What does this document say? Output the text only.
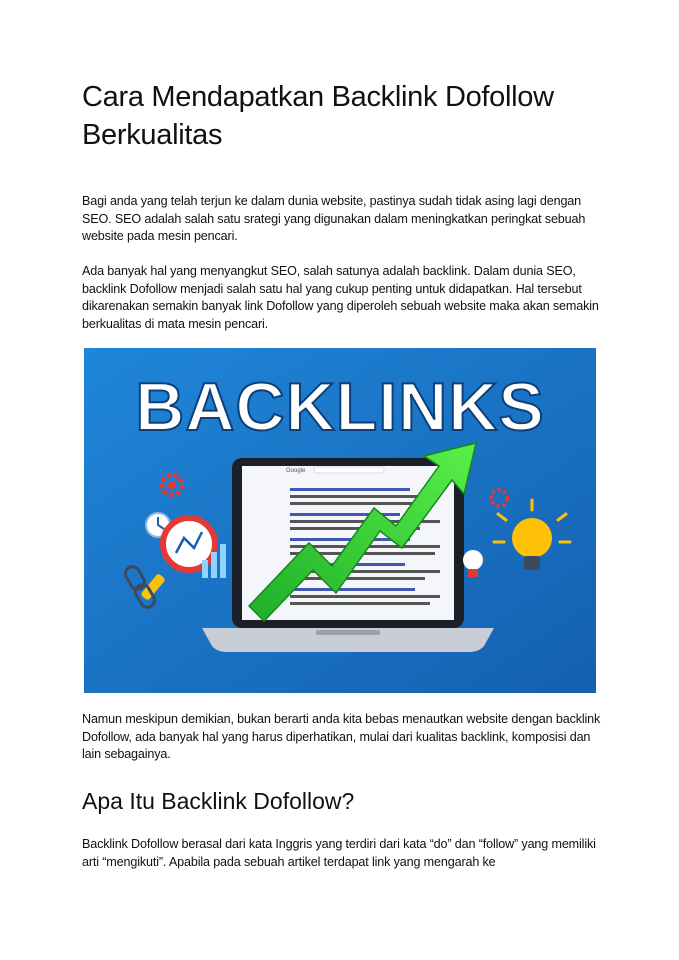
Cara Mendapatkan Backlink Dofollow Berkualitas

Bagi anda yang telah terjun ke dalam dunia website, pastinya sudah tidak asing lagi dengan SEO. SEO adalah salah satu srategi yang digunakan dalam meningkatkan peringkat sebuah website pada mesin pencari.

Ada banyak hal yang menyangkut SEO, salah satunya adalah backlink. Dalam dunia SEO, backlink Dofollow menjadi salah satu hal yang cukup penting untuk didapatkan. Hal tersebut dikarenakan semakin banyak link Dofollow yang diperoleh sebuah website maka akan semakin berkualitas di mata mesin pencari.

Namun meskipun demikian, bukan berarti anda kita bebas menautkan website dengan backlink Dofollow, ada banyak hal yang harus diperhatikan, mulai dari kualitas backlink, komposisi dan lain sebagainya.

Apa Itu Backlink Dofollow?

Backlink Dofollow berasal dari kata Inggris yang terdiri dari kata “do” dan “follow” yang memiliki arti “mengikuti”. Apabila pada sebuah artikel terdapat link yang mengarah ke

BACKLINKS
Google
